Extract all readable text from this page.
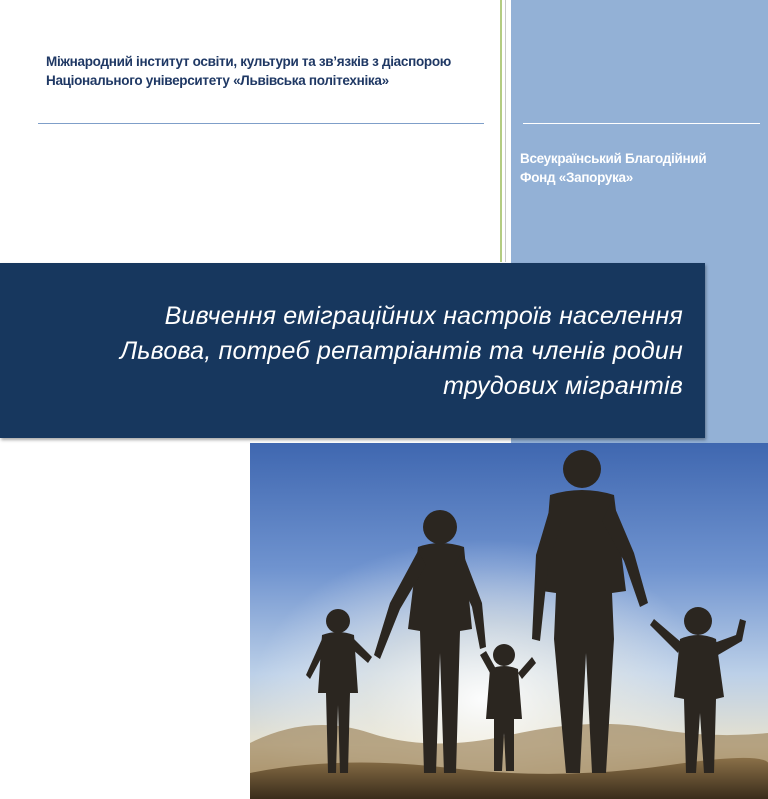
Міжнародний інститут освіти, культури та зв’язків з діаспорою
Національного університету «Львівська політехніка»
Всеукраїнський Благодійний
Фонд «Запорука»
Вивчення еміграційних настроїв населення
Львова, потреб репатріантів та членів родин
трудових мігрантів
